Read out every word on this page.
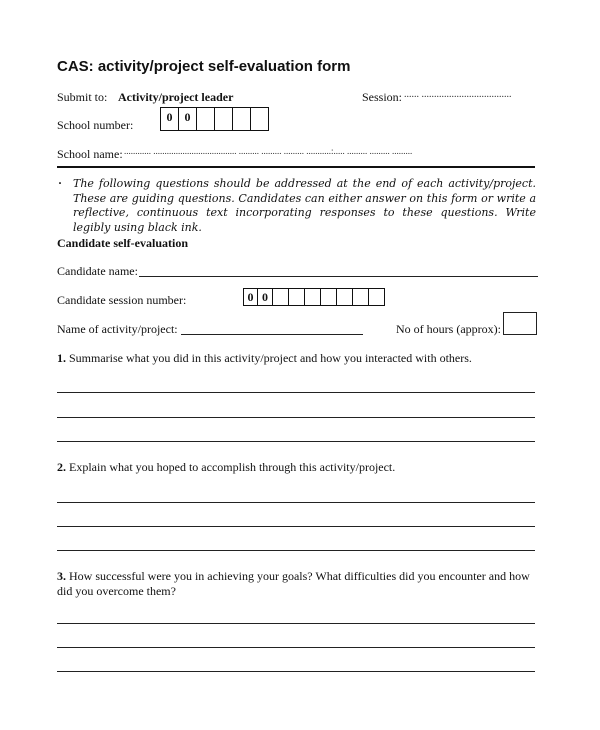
CAS: activity/project self-evaluation form
Submit to: Activity/project leader	Session: ...... ....................................
School number:
0	0
School name: ............ ..................................... ......... ......... ......... ...........:..... ......... ......... .........
· The following questions should be addressed at the end of each activity/project. These are guiding questions. Candidates can either answer on this form or write a reflective, continuous text incorporating responses to these questions. Write legibly using black ink.
Candidate self-evaluation
Candidate name:
Candidate session number:	0 0
Name of activity/project:	No of hours (approx):
1. Summarise what you did in this activity/project and how you interacted with others.
2. Explain what you hoped to accomplish through this activity/project.
3. How successful were you in achieving your goals? What difficulties did you encounter and how did you overcome them?
